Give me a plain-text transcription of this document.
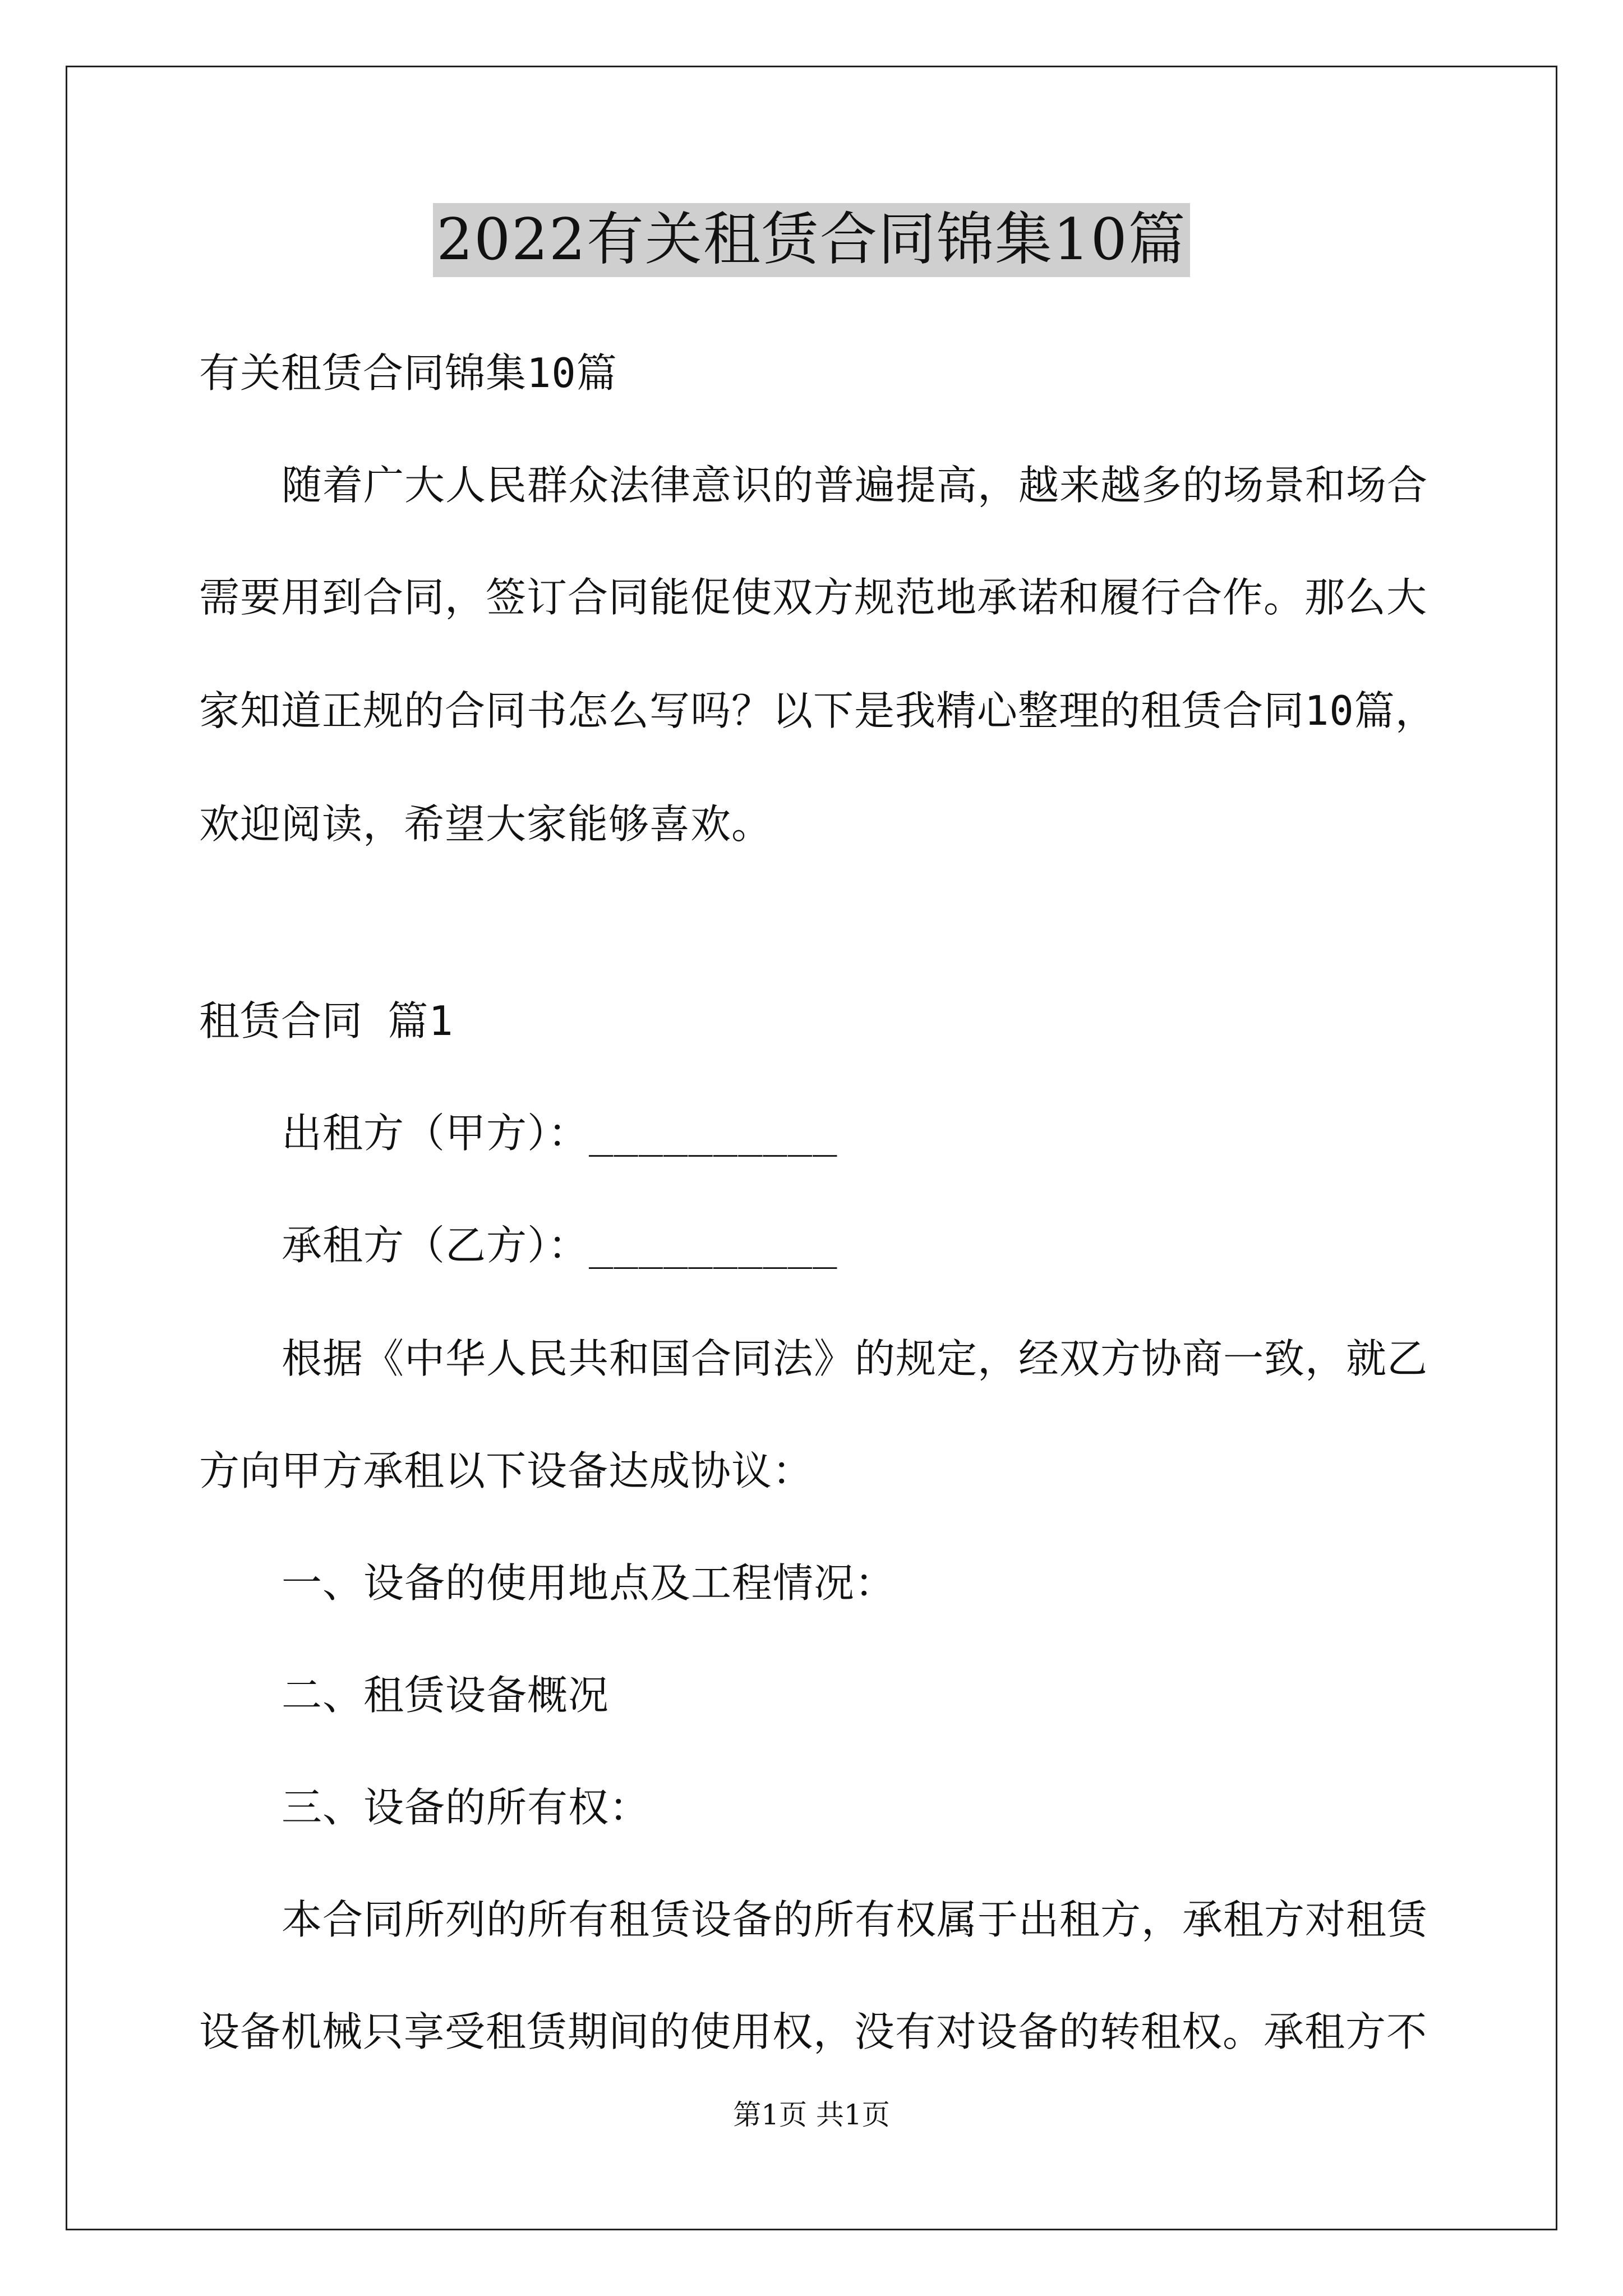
2022有关租赁合同锦集10篇
有关租赁合同锦集10篇
随着广大人民群众法律意识的普遍提高，越来越多的场景和场合
需要用到合同，签订合同能促使双方规范地承诺和履行合作。那么大
家知道正规的合同书怎么写吗？以下是我精心整理的租赁合同10篇，
欢迎阅读，希望大家能够喜欢。
租赁合同 篇1
出租方（甲方）：__________
承租方（乙方）：__________
根据《中华人民共和国合同法》的规定，经双方协商一致，就乙
方向甲方承租以下设备达成协议：
一、设备的使用地点及工程情况：
二、租赁设备概况
三、设备的所有权：
本合同所列的所有租赁设备的所有权属于出租方，承租方对租赁
设备机械只享受租赁期间的使用权，没有对设备的转租权。承租方不
第1页 共1页
